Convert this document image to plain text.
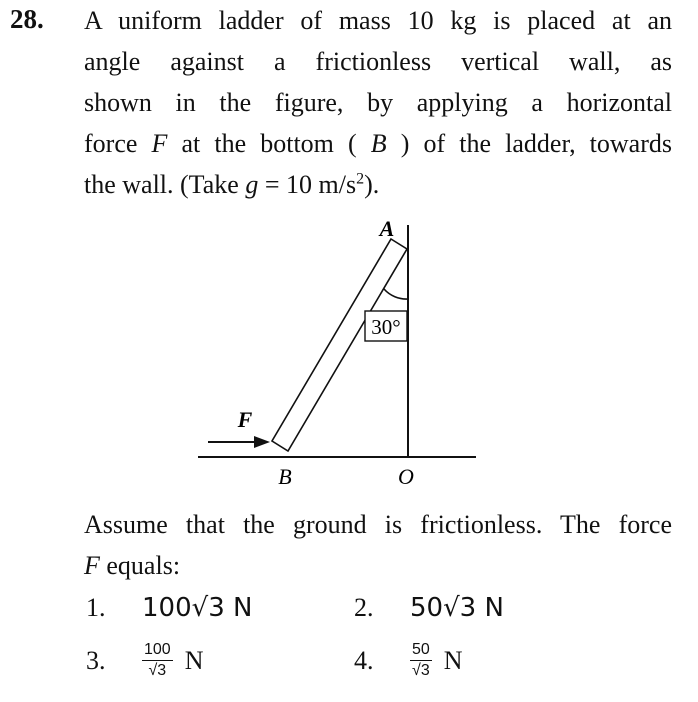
28. A uniform ladder of mass 10 kg is placed at an
angle against a frictionless vertical wall, as
shown in the figure, by applying a horizontal
force F at the bottom ( B ) of the ladder, towards
the wall. (Take g = 10 $m/s^2$).
30°
A
F
B	O
Assume that the ground is frictionless. The force
F equals:
1.	100√3 N	2.	50√3 N
3.	$\frac{100}{√3}$ N	4.	$\frac{50}{√3}$ N
